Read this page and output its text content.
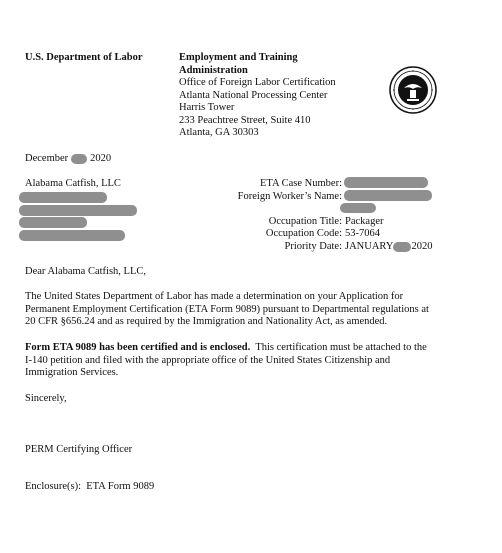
U.S. Department of Labor	Employment and Training
Administration
Office of Foreign Labor Certification
Atlanta National Processing Center
Harris Tower
233 Peachtree Street, Suite 410
Atlanta, GA 30303
December 2020
Alabama Catfish, LLC	ETA Case Number:
Foreign Worker’s Name:
Occupation Title: Packager
Occupation Code: 53-7064
Priority Date: JANUARY 2020
Dear Alabama Catfish, LLC,
The United States Department of Labor has made a determination on your Application for
Permanent Employment Certification (ETA Form 9089) pursuant to Departmental regulations at
20 CFR §656.24 and as required by the Immigration and Nationality Act, as amended.
Form ETA 9089 has been certified and is enclosed.  This certification must be attached to the
I-140 petition and filed with the appropriate office of the United States Citizenship and
Immigration Services.
Sincerely,
PERM Certifying Officer
Enclosure(s): ETA Form 9089
